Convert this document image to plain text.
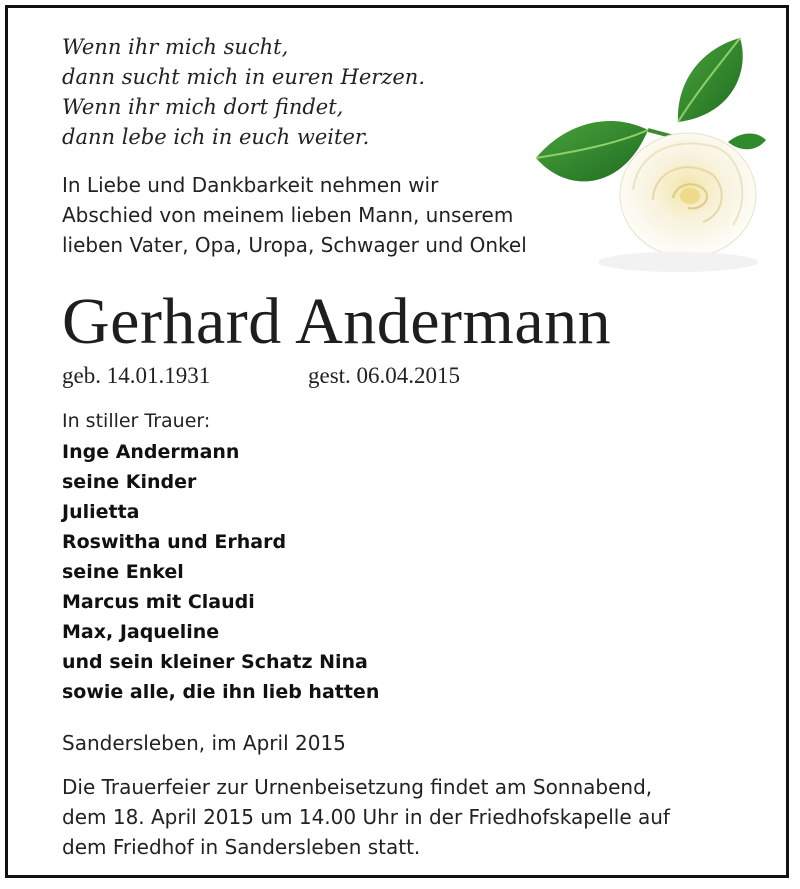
Wenn ihr mich sucht,
dann sucht mich in euren Herzen.
Wenn ihr mich dort findet,
dann lebe ich in euch weiter.
In Liebe und Dankbarkeit nehmen wir
Abschied von meinem lieben Mann, unserem
lieben Vater, Opa, Uropa, Schwager und Onkel
Gerhard Andermann
geb. 14.01.1931	gest. 06.04.2015
In stiller Trauer:
Inge Andermann
seine Kinder
Julietta
Roswitha und Erhard
seine Enkel
Marcus mit Claudi
Max, Jaqueline
und sein kleiner Schatz Nina
sowie alle, die ihn lieb hatten
Sandersleben, im April 2015
Die Trauerfeier zur Urnenbeisetzung findet am Sonnabend,
dem 18. April 2015 um 14.00 Uhr in der Friedhofskapelle auf
dem Friedhof in Sandersleben statt.
